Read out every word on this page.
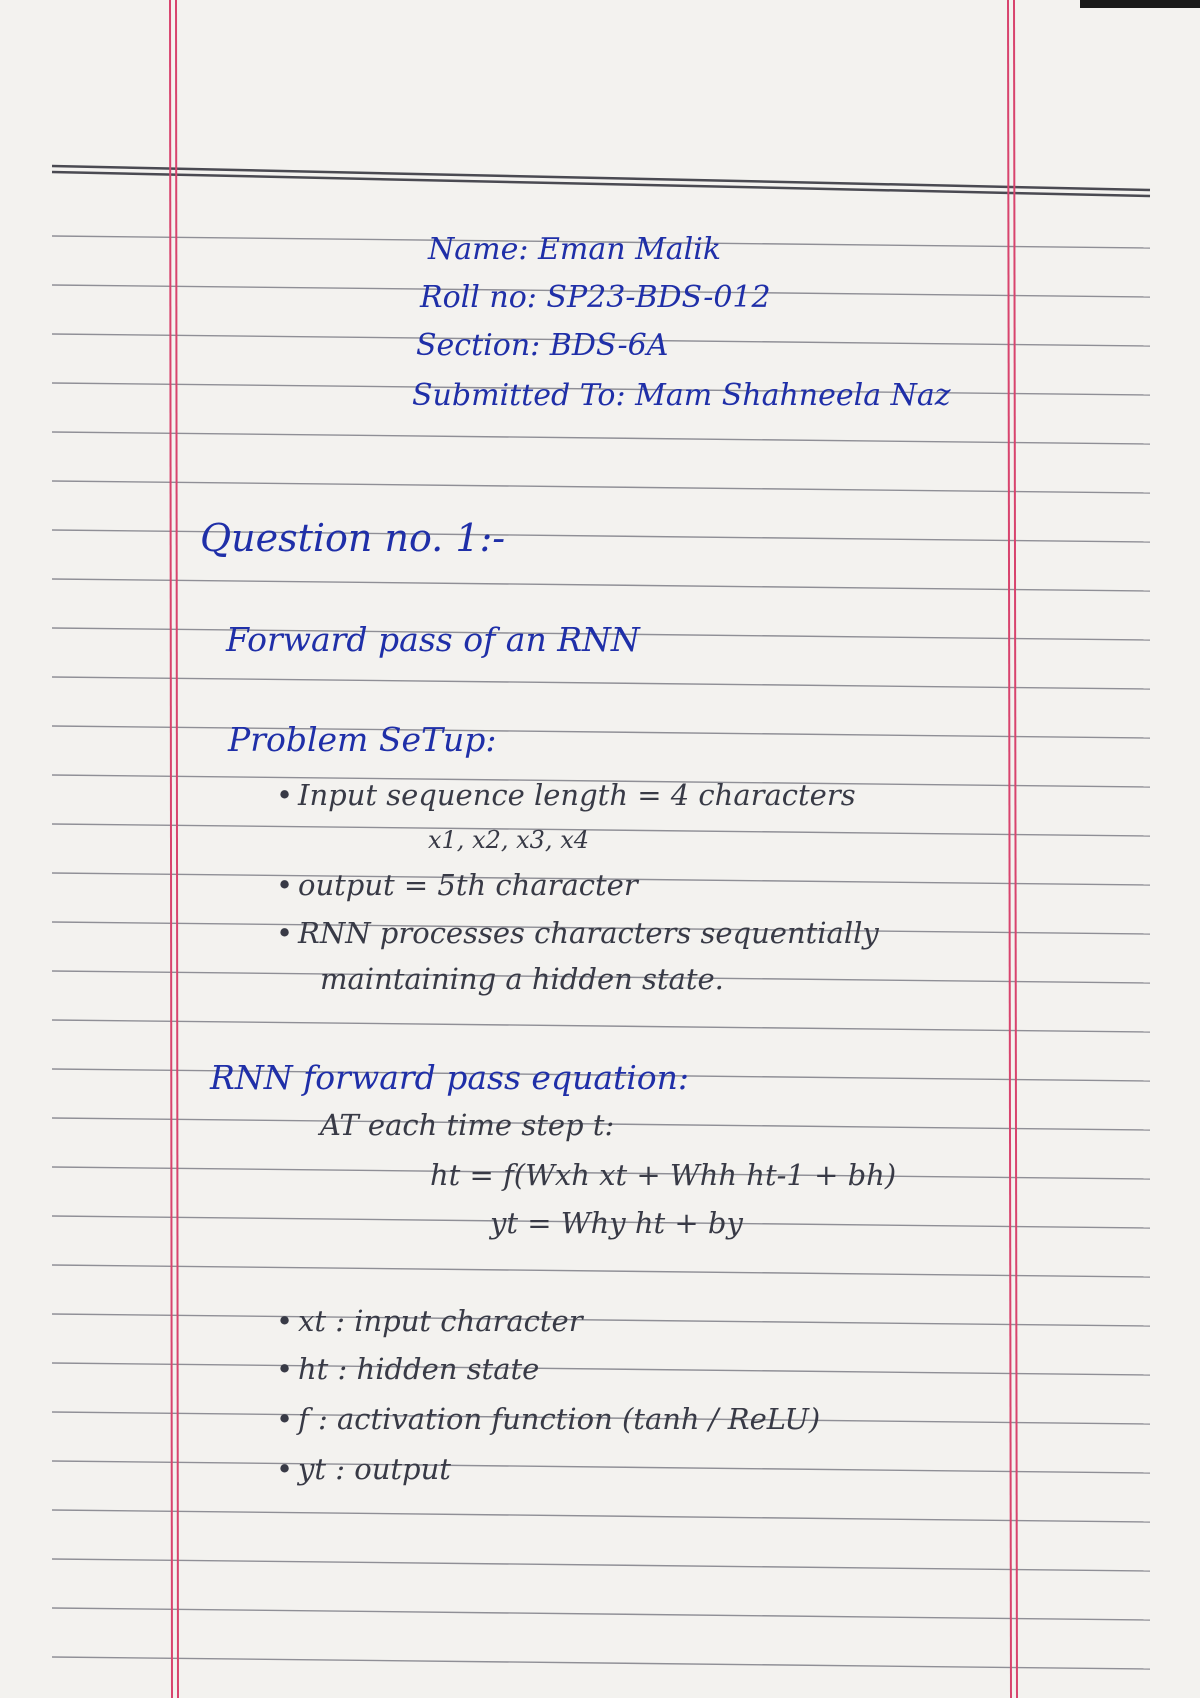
Name: Eman Malik
Roll no: SP23-BDS-012
Section: BDS-6A
Submitted To: Mam Shahneela Naz
Question no. 1:-
Forward pass of an RNN
Problem SeTup:
• Input sequence length = 4 characters
x1, x2, x3, x4
• output = 5th character
• RNN processes characters sequentially
maintaining a hidden state.
RNN forward pass equation:
AT each time step t:
ht = f(Wxh xt + Whh ht-1 + bh)
yt = Why ht + by
• xt : input character
• ht : hidden state
• f : activation function (tanh / ReLU)
• yt : output
